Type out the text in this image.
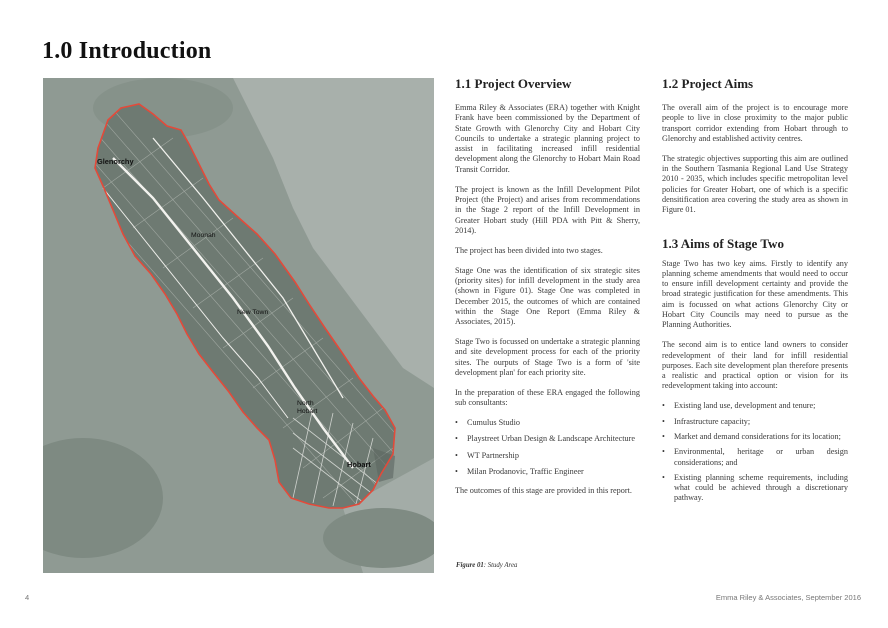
1.0 Introduction
Glenorchy
Moonah
New Town
North
Hobart
Hobart
1.1 Project Overview

Emma Riley & Associates (ERA) together with Knight Frank have been commissioned by the Department of State Growth with Glenorchy City and Hobart City Councils to undertake a strategic planning project to assist in facilitating increased infill residential development along the Glenorchy to Hobart Main Road Transit Corridor.

The project is known as the Infill Development Pilot Project (the Project) and arises from recommendations in the Stage 2 report of the Infill Development in Greater Hobart study (Hill PDA with Pitt & Sherry, 2014).

The project has been divided into two stages.

Stage One was the identification of six strategic sites (priority sites) for infill development in the study area (shown in Figure 01). Stage One was completed in December 2015, the outcomes of which are contained within the Stage One Report (Emma Riley & Associates, 2015).

Stage Two is focussed on undertake a strategic planning and site development process for each of the priority sites. The ourputs of Stage Two is a form of 'site development plan' for each priority site.

In the preparation of these ERA engaged the following sub consultants:

• Cumulus Studio
• Playstreet Urban Design & Landscape Architecture
• WT Partnership
• Milan Prodanovic, Traffic Engineer

The outcomes of this stage are provided in this report.

1.2 Project Aims

The overall aim of the project is to encourage more people to live in close proximity to the major public transport corridor extending from Hobart through to Glenorchy and established activity centres.

The strategic objectives supporting this aim are outlined in the Southern Tasmania Regional Land Use Strategy 2010 - 2035, which includes specific metropolitan level policies for Greater Hobart, one of which is a specific densitification area covering the study area as shown in Figure 01.

1.3 Aims of Stage Two

Stage Two has two key aims. Firstly to identify any planning scheme amendments that would need to occur to ensure infill development certainty and provide the broad strategic justification for these amendments. This aim is focussed on what actions Glenorchy City or Hobart City Councils may need to pursue as the Planning Authorities.

The second aim is to entice land owners to consider redevelopment of their land for infill residential purposes. Each site development plan therefore presents a realistic and practical option or vision for its redevelopment taking into account:

• Existing land use, development and tenure;
• Infrastructure capacity;
• Market and demand considerations for its location;
• Environmental, heritage or urban design considerations; and
• Existing planning scheme requirements, including what could be achieved through a discretionary pathway.
Figure 01: Study Area
4	Emma Riley & Associates, September 2016
